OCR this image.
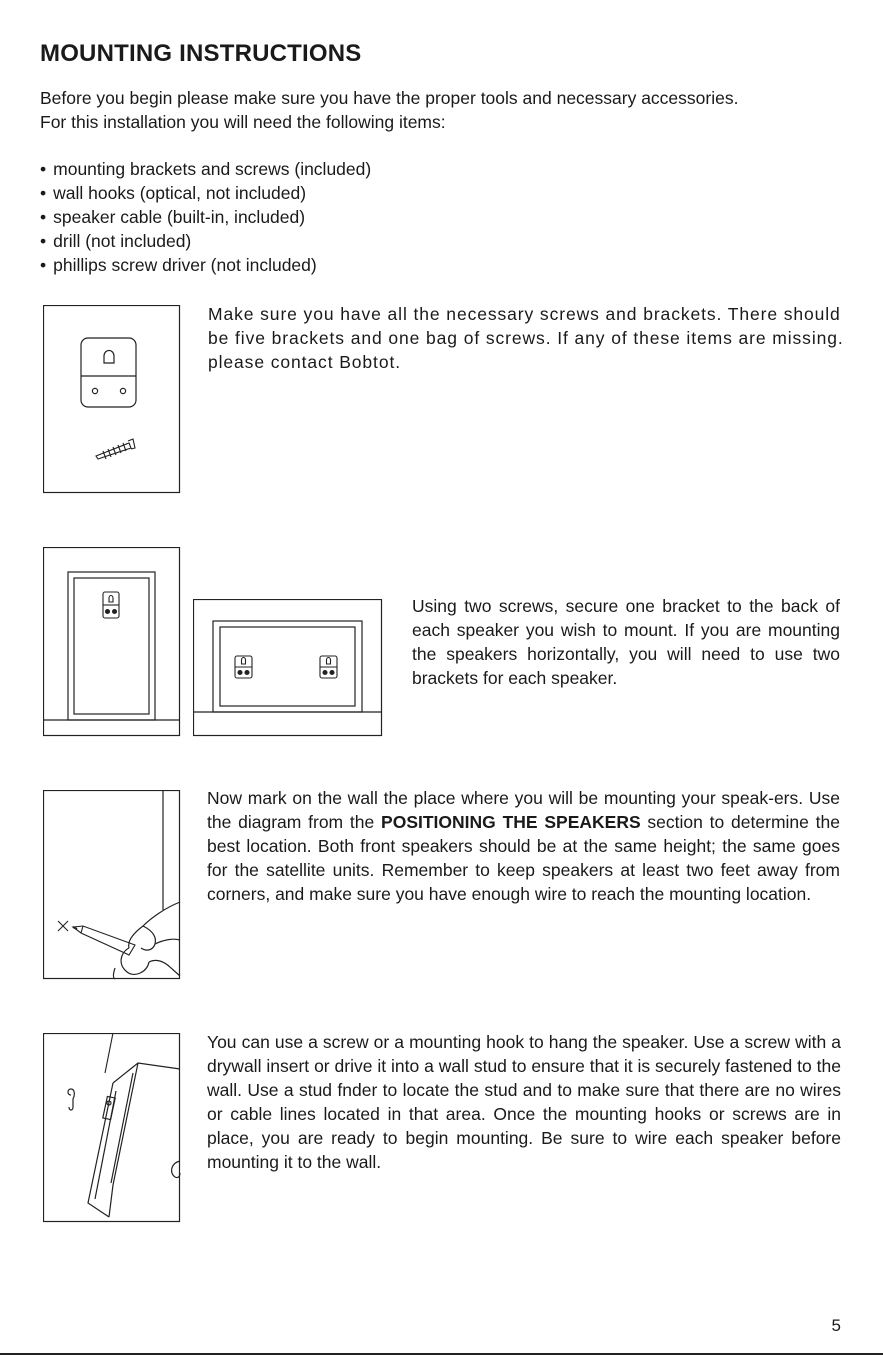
MOUNTING INSTRUCTIONS
Before you begin please make sure you have the proper tools and necessary accessories.
For this installation you will need the following items:
• mounting brackets and screws (included)
• wall hooks (optical, not included)
• speaker cable (built-in, included)
• drill (not included)
• phillips screw driver (not included)
Make sure you have all the necessary screws and brackets. There should be five brackets and one bag of screws. If any of these items are missing. please contact Bobtot.
Using two screws, secure one bracket to the back of each speaker you wish to mount. If you are mounting the speakers horizontally, you will need to use two brackets for each speaker.
Now mark on the wall the place where you will be mounting your speak-ers. Use the diagram from the POSITIONING THE SPEAKERS section to determine the best location. Both front speakers should be at the same height; the same goes for the satellite units. Remember to keep speakers at least two feet away from corners, and make sure you have enough wire to reach the mounting location.
You can use a screw or a mounting hook to hang the speaker. Use a screw with a drywall insert or drive it into a wall stud to ensure that it is securely fastened to the wall. Use a stud fnder to locate the stud and to make sure that there are no wires or cable lines located in that area. Once the mounting hooks or screws are in place, you are ready to begin mounting. Be sure to wire each speaker before mounting it to the wall.
5
